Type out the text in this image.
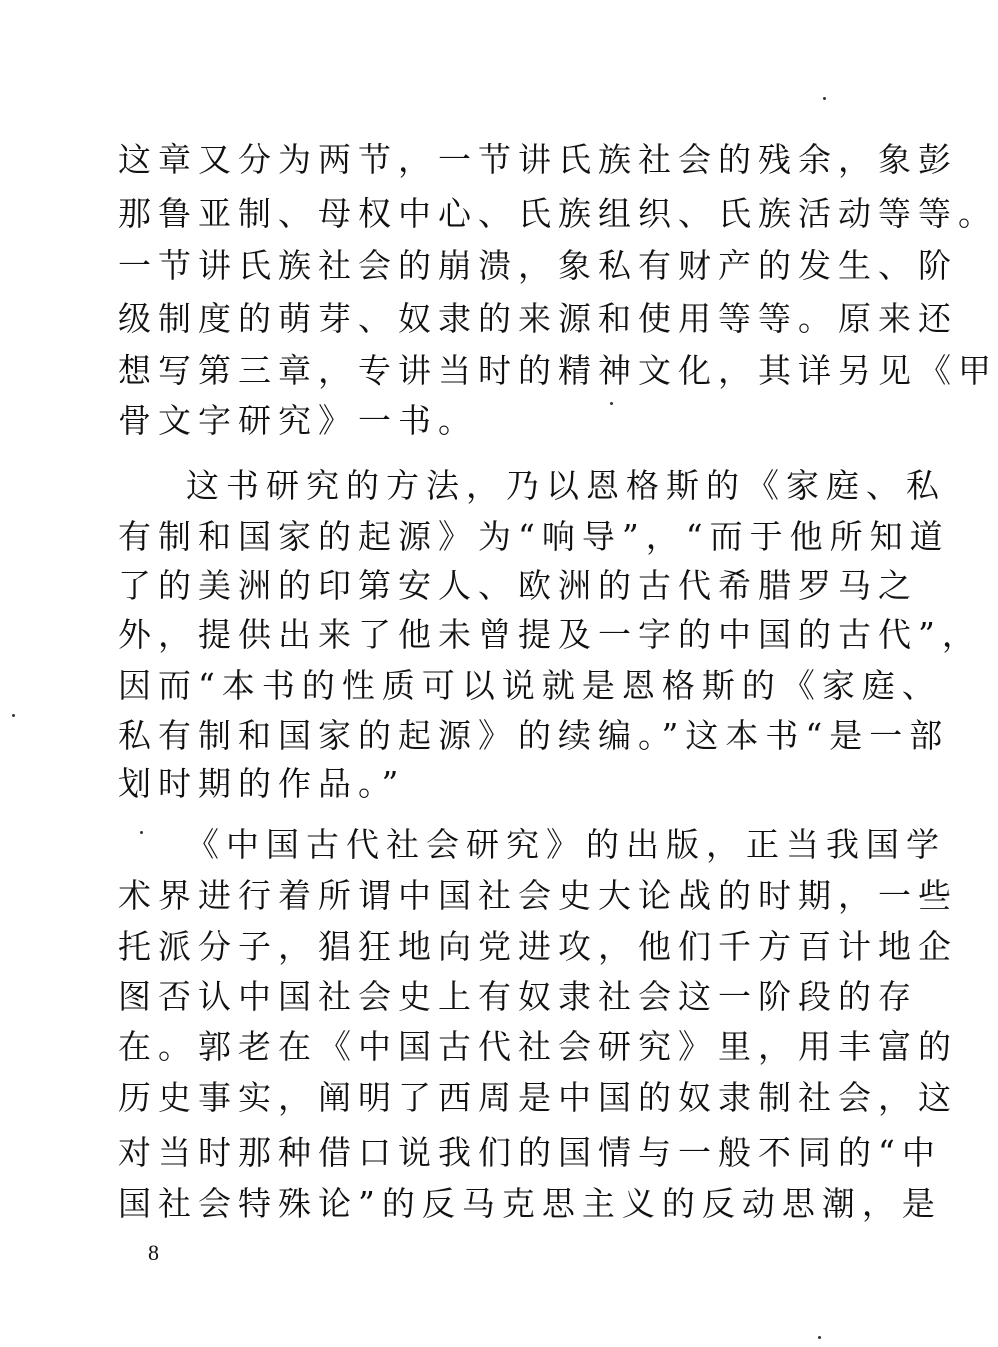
这章又分为两节，一节讲氏族社会的残余，象彭
那鲁亚制、母权中心、氏族组织、氏族活动等等。
一节讲氏族社会的崩溃，象私有财产的发生、阶
级制度的萌芽、奴隶的来源和使用等等。原来还
想写第三章，专讲当时的精神文化，其详另见《甲
骨文字研究》一书。
这书研究的方法，乃以恩格斯的《家庭、私
有制和国家的起源》为“响导”，“而于他所知道
了的美洲的印第安人、欧洲的古代希腊罗马之
外，提供出来了他未曾提及一字的中国的古代”，
因而“本书的性质可以说就是恩格斯的《家庭、
私有制和国家的起源》的续编。”这本书“是一部
划时期的作品。”
《中国古代社会研究》的出版，正当我国学
术界进行着所谓中国社会史大论战的时期，一些
托派分子，猖狂地向党进攻，他们千方百计地企
图否认中国社会史上有奴隶社会这一阶段的存
在。郭老在《中国古代社会研究》里，用丰富的
历史事实，阐明了西周是中国的奴隶制社会，这
对当时那种借口说我们的国情与一般不同的“中
国社会特殊论”的反马克思主义的反动思潮，是
8
